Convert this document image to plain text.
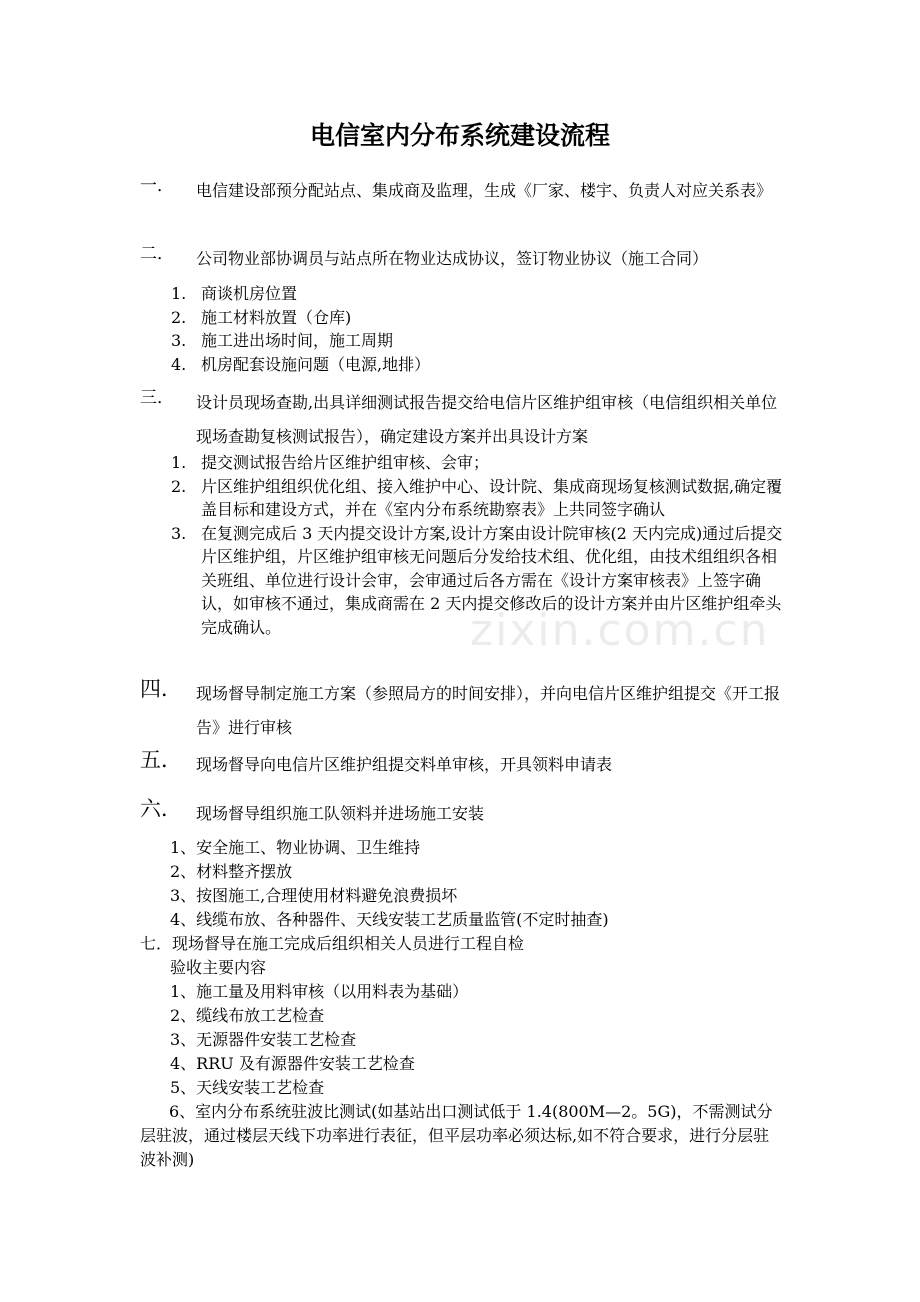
电信室内分布系统建设流程
一． 电信建设部预分配站点、集成商及监理，生成《厂家、楼宇、负责人对应关系表》
二． 公司物业部协调员与站点所在物业达成协议，签订物业协议（施工合同）
1. 商谈机房位置
2. 施工材料放置（仓库)
3. 施工进出场时间，施工周期
4. 机房配套设施问题（电源,地排）
三． 设计员现场查勘,出具详细测试报告提交给电信片区维护组审核（电信组织相关单位现场查勘复核测试报告），确定建设方案并出具设计方案
1. 提交测试报告给片区维护组审核、会审；
2. 片区维护组组织优化组、接入维护中心、设计院、集成商现场复核测试数据,确定覆盖目标和建设方式，并在《室内分布系统勘察表》上共同签字确认
3. 在复测完成后 3 天内提交设计方案,设计方案由设计院审核(2 天内完成)通过后提交片区维护组，片区维护组审核无问题后分发给技术组、优化组，由技术组组织各相关班组、单位进行设计会审，会审通过后各方需在《设计方案审核表》上签字确认，如审核不通过，集成商需在 2 天内提交修改后的设计方案并由片区维护组牵头完成确认。
四． 现场督导制定施工方案（参照局方的时间安排），并向电信片区维护组提交《开工报告》进行审核
五． 现场督导向电信片区维护组提交料单审核，开具领料申请表
六． 现场督导组织施工队领料并进场施工安装

1、安全施工、物业协调、卫生维持

2、材料整齐摆放

3、按图施工,合理使用材料避免浪费损坏

4、线缆布放、各种器件、天线安装工艺质量监管(不定时抽查)

七．现场督导在施工完成后组织相关人员进行工程自检

验收主要内容

1、施工量及用料审核（以用料表为基础）

2、缆线布放工艺检查

3、无源器件安装工艺检查

4、RRU 及有源器件安装工艺检查

5、天线安装工艺检查

6、室内分布系统驻波比测试(如基站出口测试低于 1.4(800M—2。5G)，不需测试分层驻波，通过楼层天线下功率进行表征，但平层功率必须达标,如不符合要求，进行分层驻波补测)

zixin.com.cn
